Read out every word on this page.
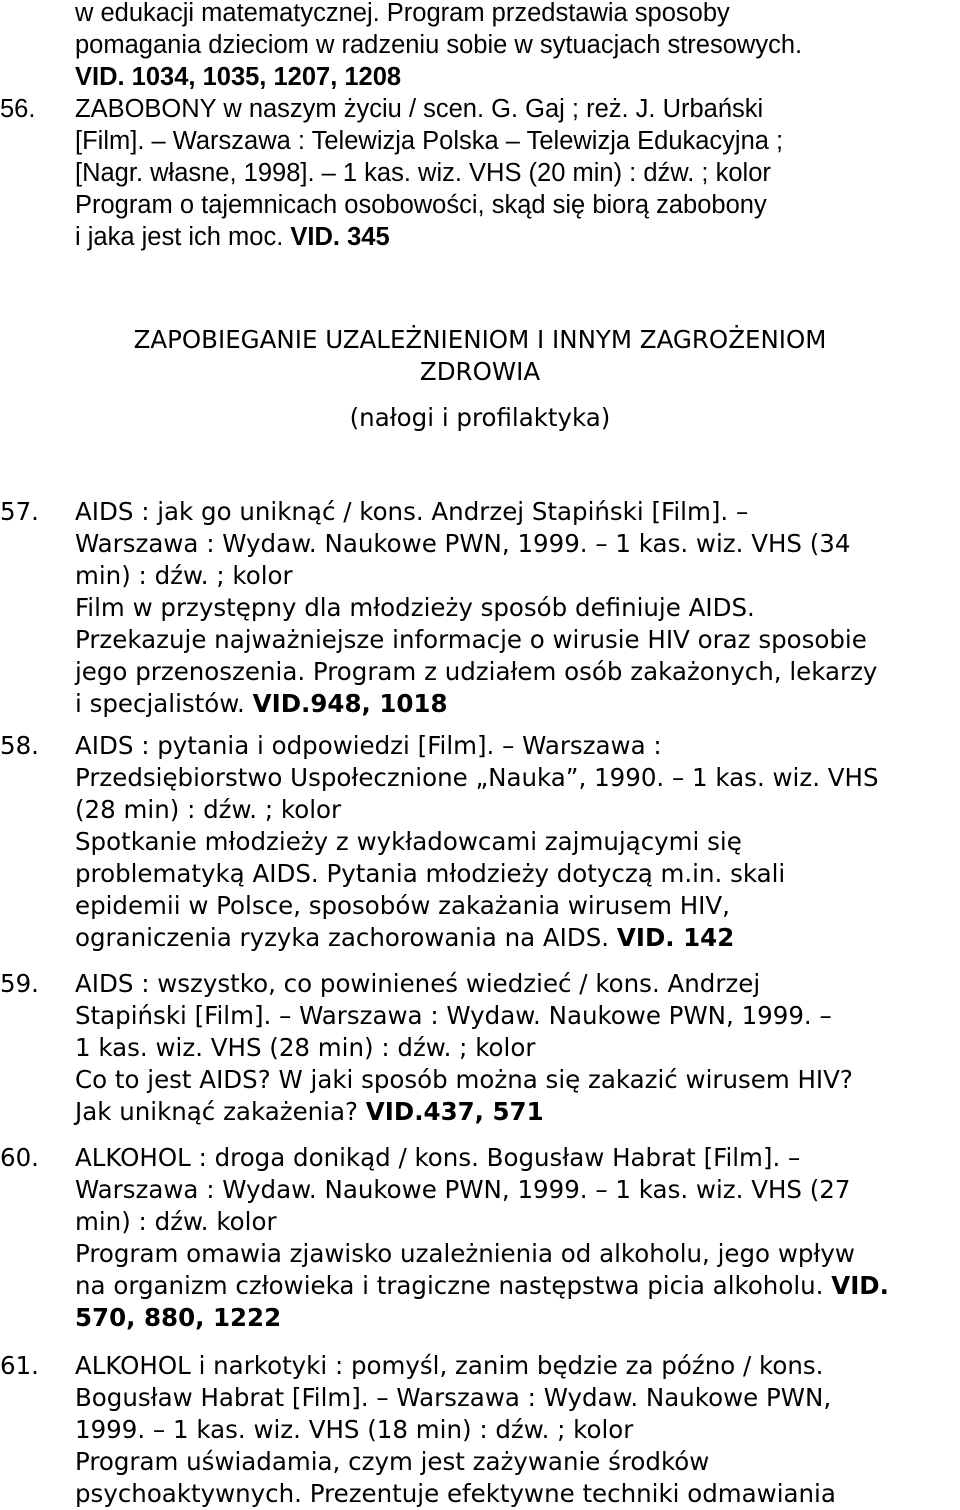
w edukacji matematycznej. Program przedstawia sposoby
pomagania dzieciom w radzeniu sobie w sytuacjach stresowych.
VID. 1034, 1035, 1207, 1208
56. ZABOBONY w naszym życiu / scen. G. Gaj ; reż. J. Urbański
[Film]. – Warszawa : Telewizja Polska – Telewizja Edukacyjna ;
[Nagr. własne, 1998]. – 1 kas. wiz. VHS (20 min) : dźw. ; kolor
Program o tajemnicach osobowości, skąd się biorą zabobony
i jaka jest ich moc. VID. 345
ZAPOBIEGANIE UZALEŻNIENIOM I INNYM ZAGROŻENIOM
ZDROWIA
(nałogi i profilaktyka)
57. AIDS : jak go uniknąć / kons. Andrzej Stapiński [Film]. –
Warszawa : Wydaw. Naukowe PWN, 1999. – 1 kas. wiz. VHS (34
min) : dźw. ; kolor
Film w przystępny dla młodzieży sposób definiuje AIDS.
Przekazuje najważniejsze informacje o wirusie HIV oraz sposobie
jego przenoszenia. Program z udziałem osób zakażonych, lekarzy
i specjalistów. VID.948, 1018
58. AIDS : pytania i odpowiedzi [Film]. – Warszawa :
Przedsiębiorstwo Uspołecznione „Nauka”, 1990. – 1 kas. wiz. VHS
(28 min) : dźw. ; kolor
Spotkanie młodzieży z wykładowcami zajmującymi się
problematyką AIDS. Pytania młodzieży dotyczą m.in. skali
epidemii w Polsce, sposobów zakażania wirusem HIV,
ograniczenia ryzyka zachorowania na AIDS. VID. 142
59. AIDS : wszystko, co powinieneś wiedzieć / kons. Andrzej
Stapiński [Film]. – Warszawa : Wydaw. Naukowe PWN, 1999. –
1 kas. wiz. VHS (28 min) : dźw. ; kolor
Co to jest AIDS? W jaki sposób można się zakazić wirusem HIV?
Jak uniknąć zakażenia? VID.437, 571
60. ALKOHOL : droga donikąd / kons. Bogusław Habrat [Film]. –
Warszawa : Wydaw. Naukowe PWN, 1999. – 1 kas. wiz. VHS (27
min) : dźw. kolor
Program omawia zjawisko uzależnienia od alkoholu, jego wpływ
na organizm człowieka i tragiczne następstwa picia alkoholu. VID.
570, 880, 1222
61. ALKOHOL i narkotyki : pomyśl, zanim będzie za późno / kons.
Bogusław Habrat [Film]. – Warszawa : Wydaw. Naukowe PWN,
1999. – 1 kas. wiz. VHS (18 min) : dźw. ; kolor
Program uświadamia, czym jest zażywanie środków
psychoaktywnych. Prezentuje efektywne techniki odmawiania
